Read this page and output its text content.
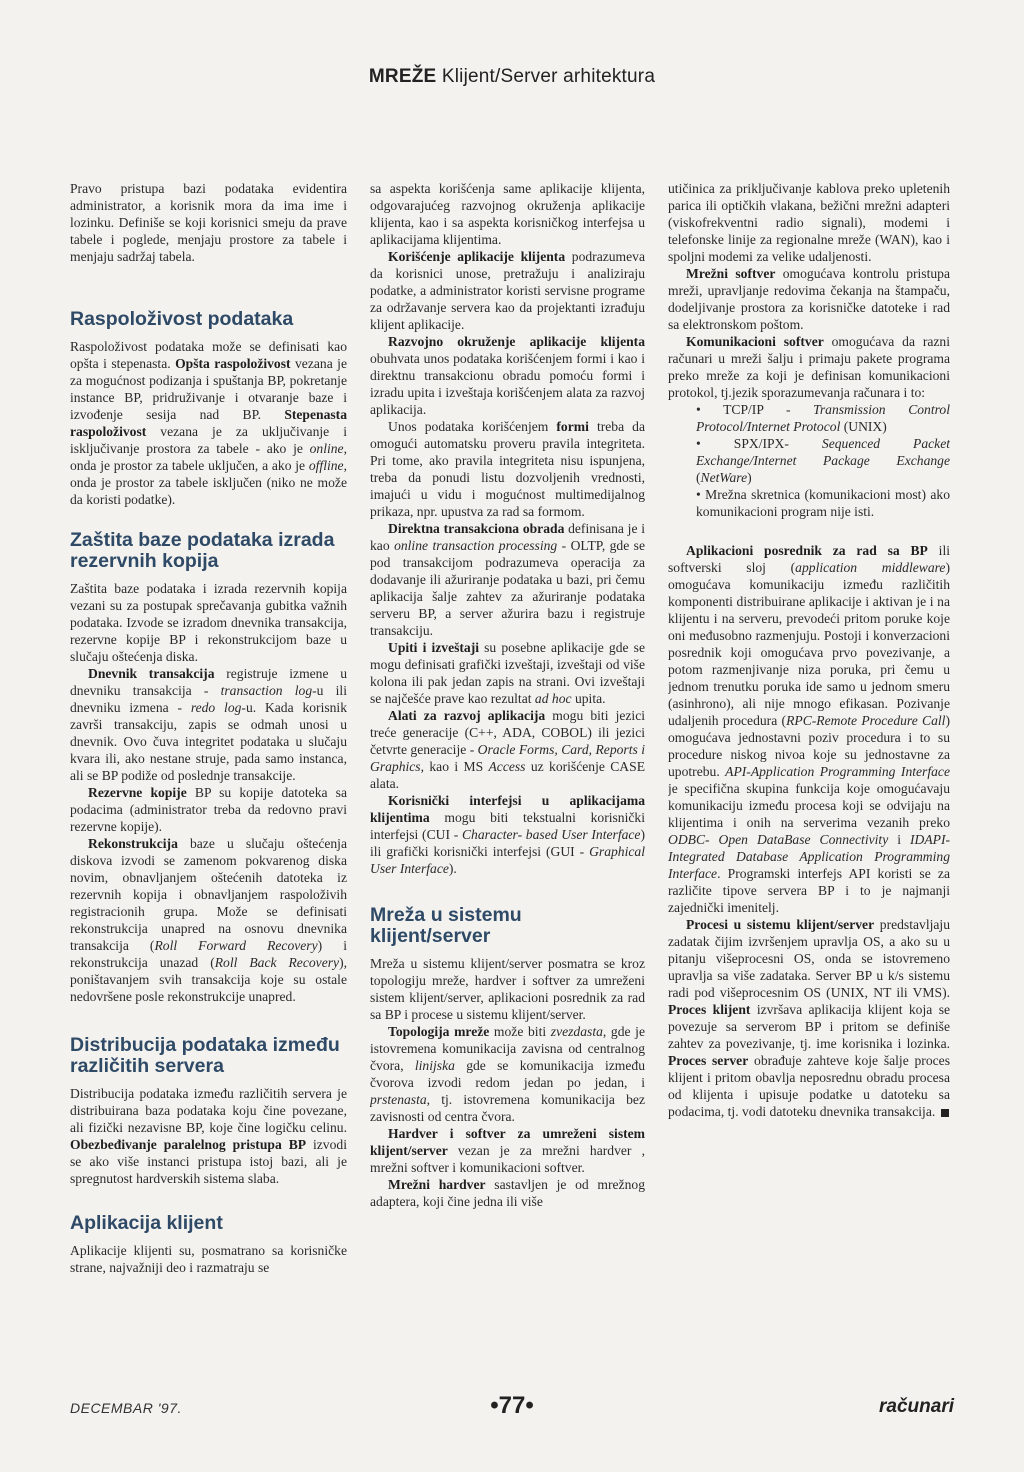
MREŽE Klijent/Server arhitektura

Pravo pristupa bazi podataka evidentira administrator, a korisnik mora da ima ime i lozinku. Definiše se koji korisnici smeju da prave tabele i poglede, menjaju prostore za tabele i menjaju sadržaj tabela.

Raspoloživost podataka

Raspoloživost podataka može se definisati kao opšta i stepenasta. Opšta raspoloživost vezana je za mogućnost podizanja i spuštanja BP, pokretanje instance BP, pridruživanje i otvaranje baze i izvođenje sesija nad BP. Stepenasta raspoloživost vezana je za uključivanje i isključivanje prostora za tabele - ako je online, onda je prostor za tabele uključen, a ako je offline, onda je prostor za tabele isključen (niko ne može da koristi podatke).

Zaštita baze podataka izrada rezervnih kopija

Zaštita baze podataka i izrada rezervnih kopija vezani su za postupak sprečavanja gubitka važnih podataka. Izvode se izradom dnevnika transakcija, rezervne kopije BP i rekonstrukcijom baze u slučaju oštećenja diska.

Dnevnik transakcija registruje izmene u dnevniku transakcija - transaction log-u ili dnevniku izmena - redo log-u. Kada korisnik završi transakciju, zapis se odmah unosi u dnevnik. Ovo čuva integritet podataka u slučaju kvara ili, ako nestane struje, pada samo instanca, ali se BP podiže od poslednje transakcije.

Rezervne kopije BP su kopije datoteka sa podacima (administrator treba da redovno pravi rezervne kopije).

Rekonstrukcija baze u slučaju oštećenja diskova izvodi se zamenom pokvarenog diska novim, obnavljanjem oštećenih datoteka iz rezervnih kopija i obnavljanjem raspoloživih registracionih grupa. Može se definisati rekonstrukcija unapred na osnovu dnevnika transakcija (Roll Forward Recovery) i rekonstrukcija unazad (Roll Back Recovery), poništavanjem svih transakcija koje su ostale nedovršene posle rekonstrukcije unapred.

Distribucija podataka između različitih servera

Distribucija podataka između različitih servera je distribuirana baza podataka koju čine povezane, ali fizički nezavisne BP, koje čine logičku celinu. Obezbeđivanje paralelnog pristupa BP izvodi se ako više instanci pristupa istoj bazi, ali je spregnutost hardverskih sistema slaba.

Aplikacija klijent

Aplikacije klijenti su, posmatrano sa korisničke strane, najvažniji deo i razmatraju se

sa aspekta korišćenja same aplikacije klijenta, odgovarajućeg razvojnog okruženja aplikacije klijenta, kao i sa aspekta korisničkog interfejsa u aplikacijama klijentima.

Korišćenje aplikacije klijenta podrazumeva da korisnici unose, pretražuju i analiziraju podatke, a administrator koristi servisne programe za održavanje servera kao da projektanti izrađuju klijent aplikacije.

Razvojno okruženje aplikacije klijenta obuhvata unos podataka korišćenjem formi i kao i direktnu transakcionu obradu pomoću formi i izradu upita i izveštaja korišćenjem alata za razvoj aplikacija.

Unos podataka korišćenjem formi treba da omogući automatsku proveru pravila integriteta. Pri tome, ako pravila integriteta nisu ispunjena, treba da ponudi listu dozvoljenih vrednosti, imajući u vidu i mogućnost multimedijalnog prikaza, npr. upustva za rad sa formom.

Direktna transakciona obrada definisana je i kao online transaction processing - OLTP, gde se pod transakcijom podrazumeva operacija za dodavanje ili ažuriranje podataka u bazi, pri čemu aplikacija šalje zahtev za ažuriranje podataka serveru BP, a server ažurira bazu i registruje transakciju.

Upiti i izveštaji su posebne aplikacije gde se mogu definisati grafički izveštaji, izveštaji od više kolona ili pak jedan zapis na strani. Ovi izveštaji se najčešće prave kao rezultat ad hoc upita.

Alati za razvoj aplikacija mogu biti jezici treće generacije (C++, ADA, COBOL) ili jezici četvrte generacije - Oracle Forms, Card, Reports i Graphics, kao i MS Access uz korišćenje CASE alata.

Korisnički interfejsi u aplikacijama klijentima mogu biti tekstualni korisnički interfejsi (CUI - Character- based User Interface) ili grafički korisnički interfejsi (GUI - Graphical User Interface).

Mreža u sistemu klijent/server

Mreža u sistemu klijent/server posmatra se kroz topologiju mreže, hardver i softver za umreženi sistem klijent/server, aplikacioni posrednik za rad sa BP i procese u sistemu klijent/server.

Topologija mreže može biti zvezdasta, gde je istovremena komunikacija zavisna od centralnog čvora, linijska gde se komunikacija između čvorova izvodi redom jedan po jedan, i prstenasta, tj. istovremena komunikacija bez zavisnosti od centra čvora.

Hardver i softver za umreženi sistem klijent/server vezan je za mrežni hardver , mrežni softver i komunikacioni softver.

Mrežni hardver sastavljen je od mrežnog adaptera, koji čine jedna ili više

utičinica za priključivanje kablova preko upletenih parica ili optičkih vlakana, bežični mrežni adapteri (viskofrekventni radio signali), modemi i telefonske linije za regionalne mreže (WAN), kao i spoljni modemi za velike udaljenosti.

Mrežni softver omogućava kontrolu pristupa mreži, upravljanje redovima čekanja na štampaču, dodeljivanje prostora za korisničke datoteke i rad sa elektronskom poštom.

Komunikacioni softver omogućava da razni računari u mreži šalju i primaju pakete programa preko mreže za koji je definisan komunikacioni protokol, tj.jezik sporazumevanja računara i to:

• TCP/IP - Transmission Control Protocol/Internet Protocol (UNIX)
• SPX/IPX- Sequenced Packet Exchange/Internet Package Exchange (NetWare)
• Mrežna skretnica (komunikacioni most) ako komunikacioni program nije isti.

Aplikacioni posrednik za rad sa BP ili softverski sloj (application middleware) omogućava komunikaciju između različitih komponenti distribuirane aplikacije i aktivan je i na klijentu i na serveru, prevodeći pritom poruke koje oni međusobno razmenjuju. Postoji i konverzacioni posrednik koji omogućava prvo povezivanje, a potom razmenjivanje niza poruka, pri čemu u jednom trenutku poruka ide samo u jednom smeru (asinhrono), ali nije mnogo efikasan. Pozivanje udaljenih procedura (RPC-Remote Procedure Call) omogućava jednostavni poziv procedura i to su procedure niskog nivoa koje su jednostavne za upotrebu. API-Application Programming Interface je specifična skupina funkcija koje omogućavaju komunikaciju između procesa koji se odvijaju na klijentima i onih na serverima vezanih preko ODBC- Open DataBase Connectivity i IDAPI- Integrated Database Application Programming Interface. Programski interfejs API koristi se za različite tipove servera BP i to je najmanji zajednički imenitelj.

Procesi u sistemu klijent/server predstavljaju zadatak čijim izvršenjem upravlja OS, a ako su u pitanju višeprocesni OS, onda se istovremeno upravlja sa više zadataka. Server BP u k/s sistemu radi pod višeprocesnim OS (UNIX, NT ili VMS). Proces klijent izvršava aplikacija klijent koja se povezuje sa serverom BP i pritom se definiše zahtev za povezivanje, tj. ime korisnika i lozinka. Proces server obrađuje zahteve koje šalje proces klijent i pritom obavlja neposrednu obradu procesa od klijenta i upisuje podatke u datoteku sa podacima, tj. vodi datoteku dnevnika transakcija.

DECEMBAR '97.	•77•	računari
